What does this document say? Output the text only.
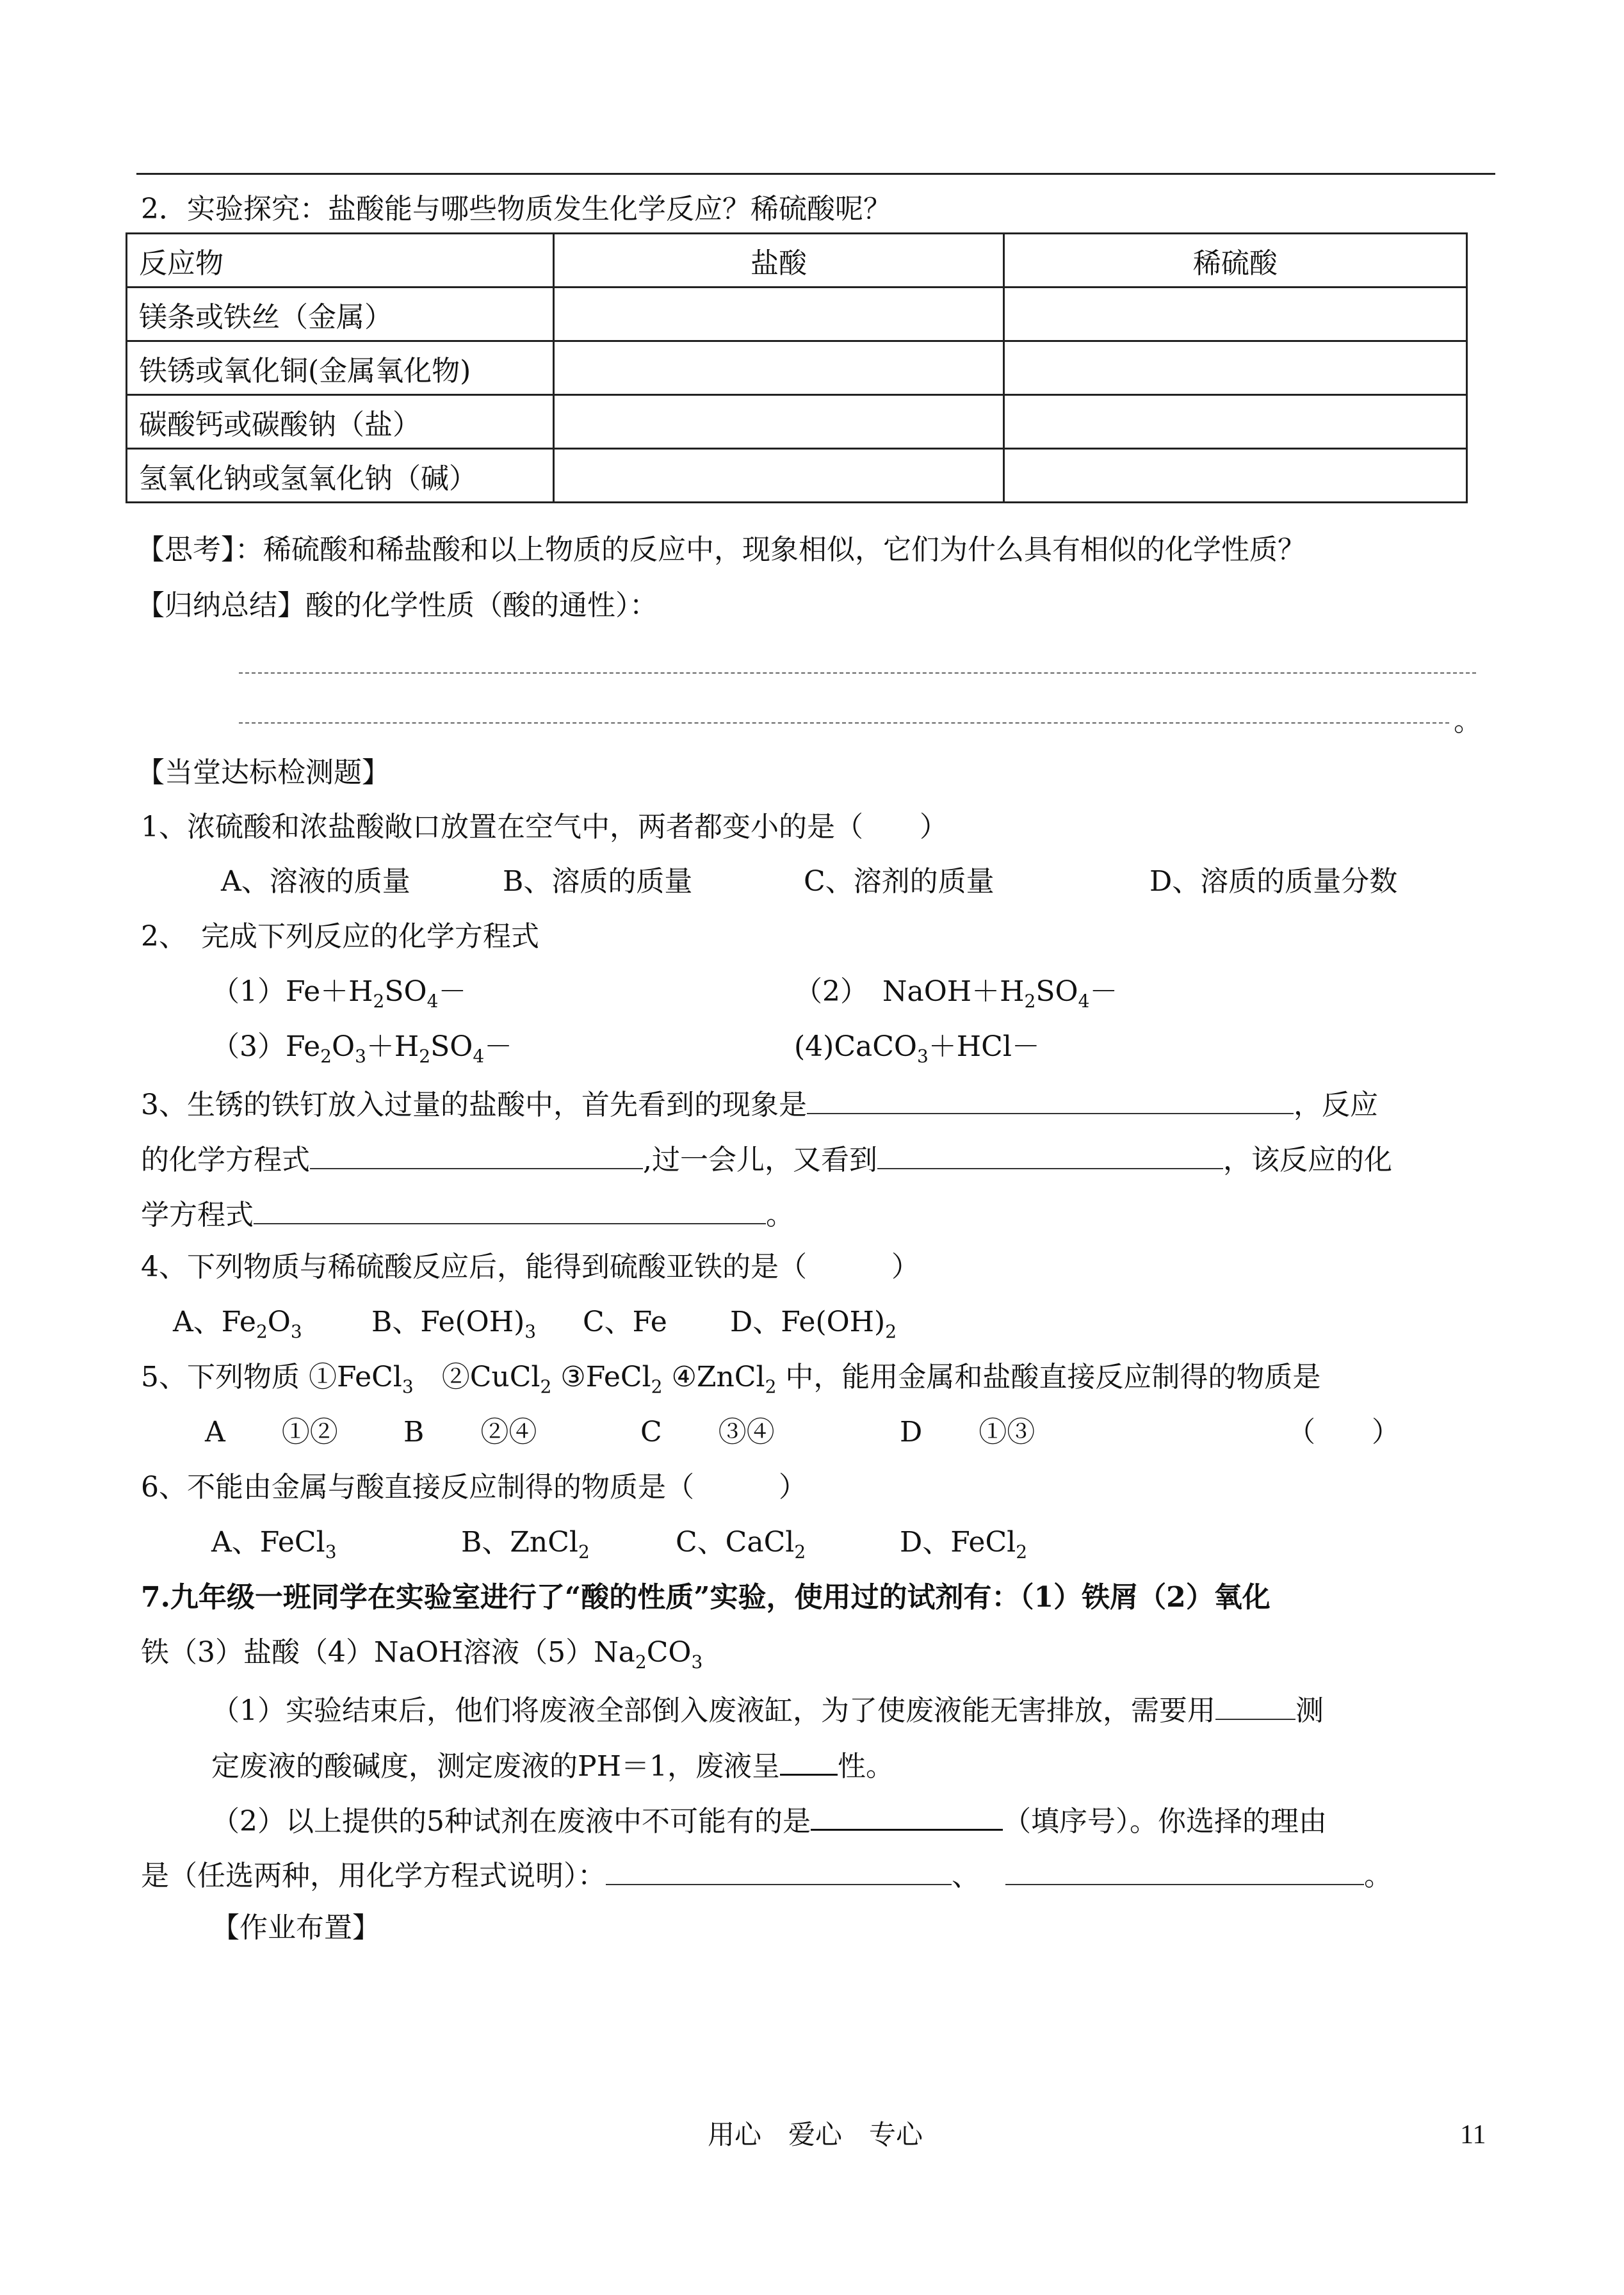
2．实验探究：盐酸能与哪些物质发生化学反应？稀硫酸呢？
反应物	盐酸	稀硫酸
镁条或铁丝（金属）		
铁锈或氧化铜(金属氧化物)		
碳酸钙或碳酸钠（盐）		
氢氧化钠或氢氧化钠（碱）		
【思考】：稀硫酸和稀盐酸和以上物质的反应中，现象相似，它们为什么具有相似的化学性质？
【归纳总结】酸的化学性质（酸的通性）：
。
【当堂达标检测题】
1、浓硫酸和浓盐酸敞口放置在空气中，两者都变小的是（　　）
A、溶液的质量	B、溶质的质量	C、溶剂的质量	D、溶质的质量分数
2、　完成下列反应的化学方程式
$(1)Fe+H_2SO_4-$	（2）　$NaOH+H_2SO_4-$
$(3)Fe_2O_3+H_2SO_4-$	(4)CaCO$_3$＋HCl－
3、生锈的铁钉放入过量的盐酸中，首先看到的现象是	，反应
的化学方程式	,过一会儿，又看到	，该反应的化
学方程式	。
4、下列物质与稀硫酸反应后，能得到硫酸亚铁的是（　　　）
A、$Fe_2O_3$ B、$Fe(OH)_3$ C、Fe D、$Fe(OH)_2$
5、下列物质 ①FeCl$_3$　②CuCl$_2$ ③FeCl$_2$ ④ZnCl$_2$ 中，能用金属和盐酸直接反应制得的物质是
A　　①② B　　②④	C　　③④	D　　①③	（　　）
6、不能由金属与酸直接反应制得的物质是（　　　）
A、FeCl$_3$	B、ZnCl$_2$	C、CaCl$_2$	D、FeCl$_2$
7.九年级一班同学在实验室进行了“酸的性质”实验，使用过的试剂有：（1）铁屑（2）氧化
铁（3）盐酸（4）NaOH溶液$(5)Na_2CO_3$
（1）实验结束后，他们将废液全部倒入废液缸，为了使废液能无害排放，需要用	测
定废液的酸碱度，测定废液的PH＝1，废液呈 性。
（2）以上提供的5种试剂在废液中不可能有的是	（填序号）。你选择的理由
是（任选两种，用化学方程式说明）：	、	。
【作业布置】
用心　爱心　专心	11
